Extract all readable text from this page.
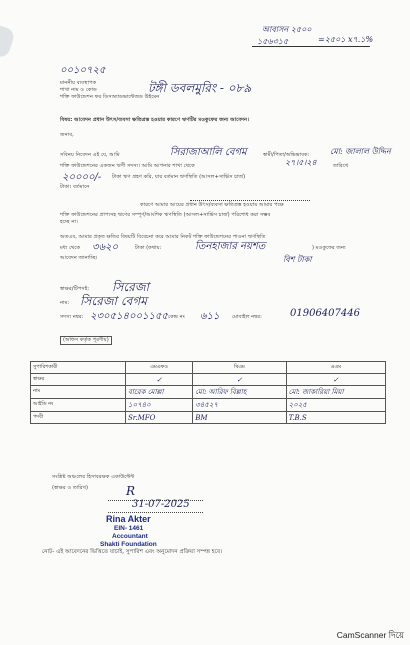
আবাসন ২৫০০
১৫৬৩১৫	=২৫০১ x৭.১%
০০১০৭২৫
মাননীয় ব্যবস্থাপক
শাখা নাম ও কোড
শক্তি ফাউন্ডেশন ফর ডিসঅ্যাডভান্টেজড উইমেন
টঙ্গী ডবলমুরিং - ০৮৯
বিষয়: আবেদন প্রধান উৎস/ব্যবসা ক্ষতিগ্রস্ত হওয়ার কারণে ঋণটির মওকুফের জন্য আবেদন।
জনাব,
সবিনয় নিবেদন এই যে, আমি	সিরাজাআলি বেগম	স্বামী/পিতা/অভিভাবক:	মো: জালাল উদ্দিন
শক্তি ফাউন্ডেশনের একজন ঋণী সদস্য। আমি আপনার শাখা থেকে	২৭।৫।২৪	তারিখে
২০০০০/- টাকা ঋণ গ্রহণ করি, যার বর্তমান ঋণস্থিতি (আসল+সার্ভিস চার্জ)
টাকা। বর্তমানে
কারণে আমার আয়ের প্রধান উৎস/ব্যবসা ক্ষতিগ্রস্ত হওয়ায় আমার পক্ষে
শক্তি ফাউন্ডেশনের প্রাপ্যসহ ঋণের সম্পূর্ণ/আংশিক ঋণস্থিতি (আসল+সার্ভিস চার্জ) পরিশোধ করা সম্ভব
হচ্ছে না।
অতএব, আমার প্রকৃত ক্ষতির বিষয়টি বিবেচনা করে আমার নিকট শক্তি ফাউন্ডেশনের পাওনা ঋণস্থিতি
মধ্য থেকে ৩৬২০	টাকা (কথায়:	তিনহাজার নয়শত	) মওকুফের জন্য
আবেদন জানাচ্ছি।	বিশ টাকা
স্বাক্ষর/টিপসই: সিরেজা
নাম: সিরেজা বেগম
সদস্য নম্বর: ২৩০৫১৪০০১১৫৫ কেন্দ্র নং ৬১১ মোবাইল নম্বর:	01906407446
(অফিস কর্তৃক পূরণীয়)
সুপারিশকারী	এমএফও	বিএম	এএম
স্বাক্ষর	✓	✓	✓
নাম	বারেক মোল্লা	মো: আরিফ বিল্লাহ	মো: জাকারিয়া মিয়া
আইডি নং	১০৭৪০	৩৪৫২৭	২০২৫
পদবী	Sr.MFO	BM	T.B.S
সংশ্লিষ্ট অঞ্চলের হিসাবরক্ষক একাউন্টেন্ট
(স্বাক্ষর ও তারিখ)	R
31-07-2025
Rina Akter
EIN- 1461
Accountant
Shakti Foundation
নোট- এই আবেদনের ভিত্তিতে যাচাই, সুপারিশ এবং অনুমোদন প্রক্রিয়া সম্পন্ন হবে।
CamScanner দিয়ে
